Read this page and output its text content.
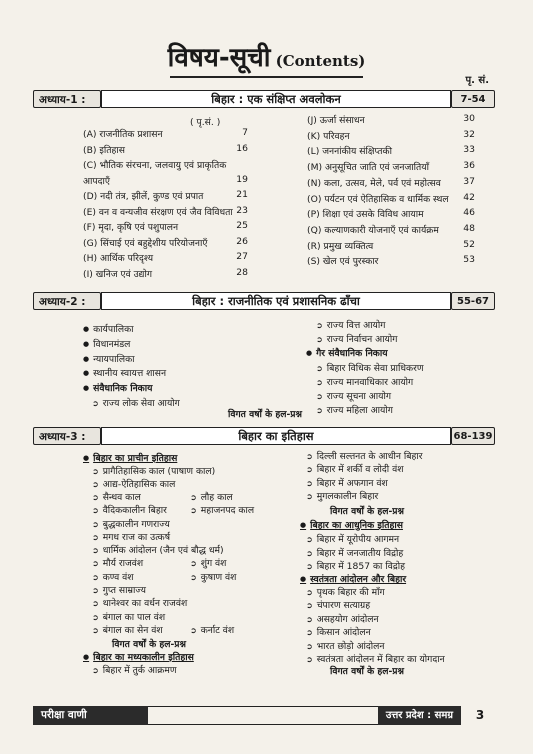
विषय-सूची (Contents)
पृ. सं.
अध्याय-1 :	बिहार : एक संक्षिप्त अवलोकन	7-54
( पृ.सं. )
(A) राजनीतिक प्रशासन	7
(B) इतिहास	16
(C) भौतिक संरचना, जलवायु एवं प्राकृतिक
आपदाएँ	19
(D) नदी तंत्र, झीलें, कुण्ड एवं प्रपात	21
(E) वन व वन्यजीव संरक्षण एवं जैव विविधता 23
(F) मृदा, कृषि एवं पशुपालन	25
(G) सिंचाई एवं बहुद्देशीय परियोजनाएँ	26
(H) आर्थिक परिदृश्य	27
(I) खनिज एवं उद्योग	28
(J) ऊर्जा संसाधन	30
(K) परिवहन	32
(L) जननांकीय संक्षिप्तकी	33
(M) अनुसूचित जाति एवं जनजातियाँ	36
(N) कला, उत्सव, मेले, पर्व एवं महोत्सव	37
(O) पर्यटन एवं ऐतिहासिक व धार्मिक स्थल	42
(P) शिक्षा एवं उसके विविध आयाम	46
(Q) कल्याणकारी योजनाएँ एवं कार्यक्रम	48
(R) प्रमुख व्यक्तित्व	52
(S) खेल एवं पुरस्कार	53
अध्याय-2 :	बिहार : राजनीतिक एवं प्रशासनिक ढाँचा	55-67
● कार्यपालिका
● विधानमंडल
● न्यायपालिका
● स्थानीय स्वायत्त शासन
● संवैधानिक निकाय
➲ राज्य लोक सेवा आयोग
➲ राज्य वित्त आयोग
➲ राज्य निर्वाचन आयोग
● गैर संवैधानिक निकाय
➲ बिहार विधिक सेवा प्राधिकरण
➲ राज्य मानवाधिकार आयोग
➲ राज्य सूचना आयोग
➲ राज्य महिला आयोग
विगत वर्षों के हल-प्रश्न
अध्याय-3 :	बिहार का इतिहास	68-139
● बिहार का प्राचीन इतिहास
➲ प्रागैतिहासिक काल (पाषाण काल)
➲ आद्य-ऐतिहासिक काल
➲ सैन्धव काल	➲ लौह काल
➲ वैदिककालीन बिहार	➲ महाजनपद काल
➲ बुद्धकालीन गणराज्य
➲ मगध राज का उत्कर्ष
➲ धार्मिक आंदोलन (जैन एवं बौद्ध धर्म)
➲ मौर्य राजवंश	➲ शुंग वंश
➲ कण्व वंश	➲ कुषाण वंश
➲ गुप्त साम्राज्य
➲ थानेश्वर का वर्धन राजवंश
➲ बंगाल का पाल वंश
➲ बंगाल का सेन वंश	➲ कर्नाट वंश
विगत वर्षों के हल-प्रश्न
● बिहार का मध्यकालीन इतिहास
➲ बिहार में तुर्क आक्रमण
➲ दिल्ली सल्तनत के आधीन बिहार
➲ बिहार में शर्की व लोदी वंश
➲ बिहार में अफगान वंश
➲ मुगलकालीन बिहार
विगत वर्षों के हल-प्रश्न
● बिहार का आधुनिक इतिहास
➲ बिहार में यूरोपीय आगमन
➲ बिहार में जनजातीय विद्रोह
➲ बिहार में 1857 का विद्रोह
● स्वतंत्रता आंदोलन और बिहार
➲ पृथक बिहार की माँग
➲ चंपारण सत्याग्रह
➲ असहयोग आंदोलन
➲ किसान आंदोलन
➲ भारत छोड़ो आंदोलन
➲ स्वतंत्रता आंदोलन में बिहार का योगदान
विगत वर्षों के हल-प्रश्न
परीक्षा वाणी	उत्तर प्रदेश : समग्र	3
